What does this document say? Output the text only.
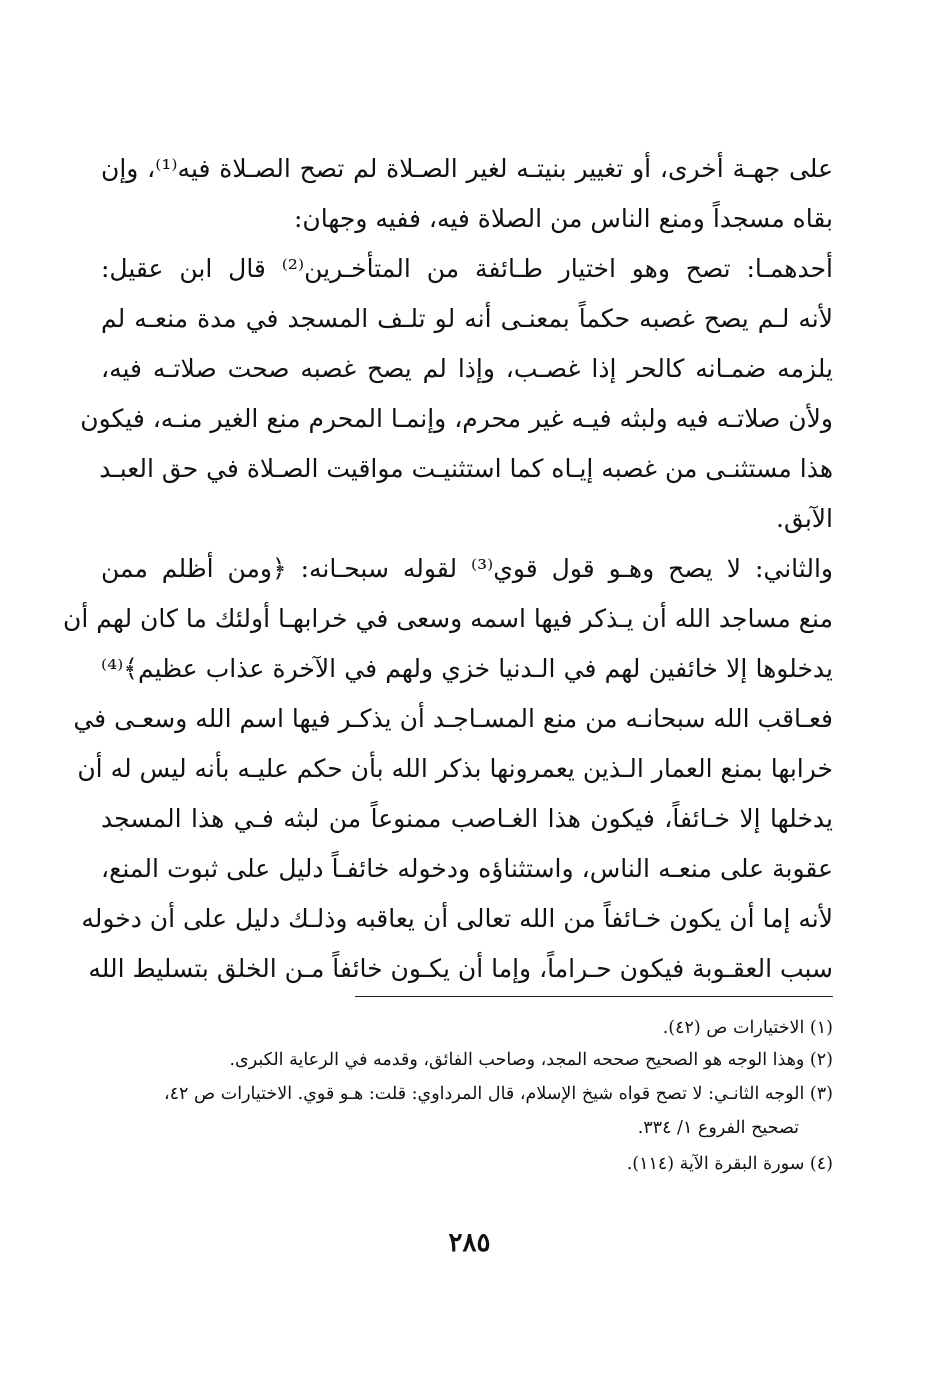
على جهـة أخرى، أو تغيير بنيتـه لغير الصـلاة لم تصح الصـلاة فيه⁽¹⁾، وإن
بقاه مسجداً ومنع الناس من الصلاة فيه، ففيه وجهان:
أحدهمـا: تصح وهو اختيار طـائفة من المتأخـرين⁽²⁾ قال ابن عقيل:
لأنه لـم يصح غصبه حكماً بمعنـى أنه لو تلـف المسجد في مدة منعـه لم
يلزمه ضمـانه كالحر إذا غصـب، وإذا لم يصح غصبه صحت صلاتـه فيه،
ولأن صلاتـه فيه ولبثه فيـه غير محرم، وإنمـا المحرم منع الغير منـه، فيكون
هذا مستثنـى من غصبه إيـاه كما استثنيـت مواقيت الصـلاة في حق العبـد
الآبق.
والثاني: لا يصح وهـو قول قوي⁽³⁾ لقوله سبحـانه: ﴿ومن أظلم ممن
منع مساجد الله أن يـذكر فيها اسمه وسعى في خرابهـا أولئك ما كان لهم أن
يدخلوها إلا خائفين لهم في الـدنيا خزي ولهم في الآخرة عذاب عظيم﴾⁽⁴⁾
فعـاقب الله سبحانـه من منع المسـاجـد أن يذكـر فيها اسم الله وسعـى في
خرابها بمنع العمار الـذين يعمرونها بذكر الله بأن حكم عليـه بأنه ليس له أن
يدخلها إلا خـائفاً، فيكون هذا الغـاصب ممنوعاً من لبثه فـي هذا المسجد
عقوبة على منعـه الناس، واستثناؤه ودخوله خائفـاً دليل على ثبوت المنع،
لأنه إما أن يكون خـائفاً من الله تعالى أن يعاقبه وذلـك دليل على أن دخوله
سبب العقـوبة فيكون حـراماً، وإما أن يكـون خائفاً مـن الخلق بتسليط الله
(١) الاختيارات ص (٤٢).
(٢) وهذا الوجه هو الصحيح صححه المجد، وصاحب الفائق، وقدمه في الرعاية الكبرى.
(٣) الوجه الثانـي: لا تصح قواه شيخ الإسلام، قال المرداوي: قلت: هـو قوي. الاختيارات ص ٤٢،
تصحيح الفروع ١/ ٣٣٤.
(٤) سورة البقرة الآية (١١٤).
٢٨٥
